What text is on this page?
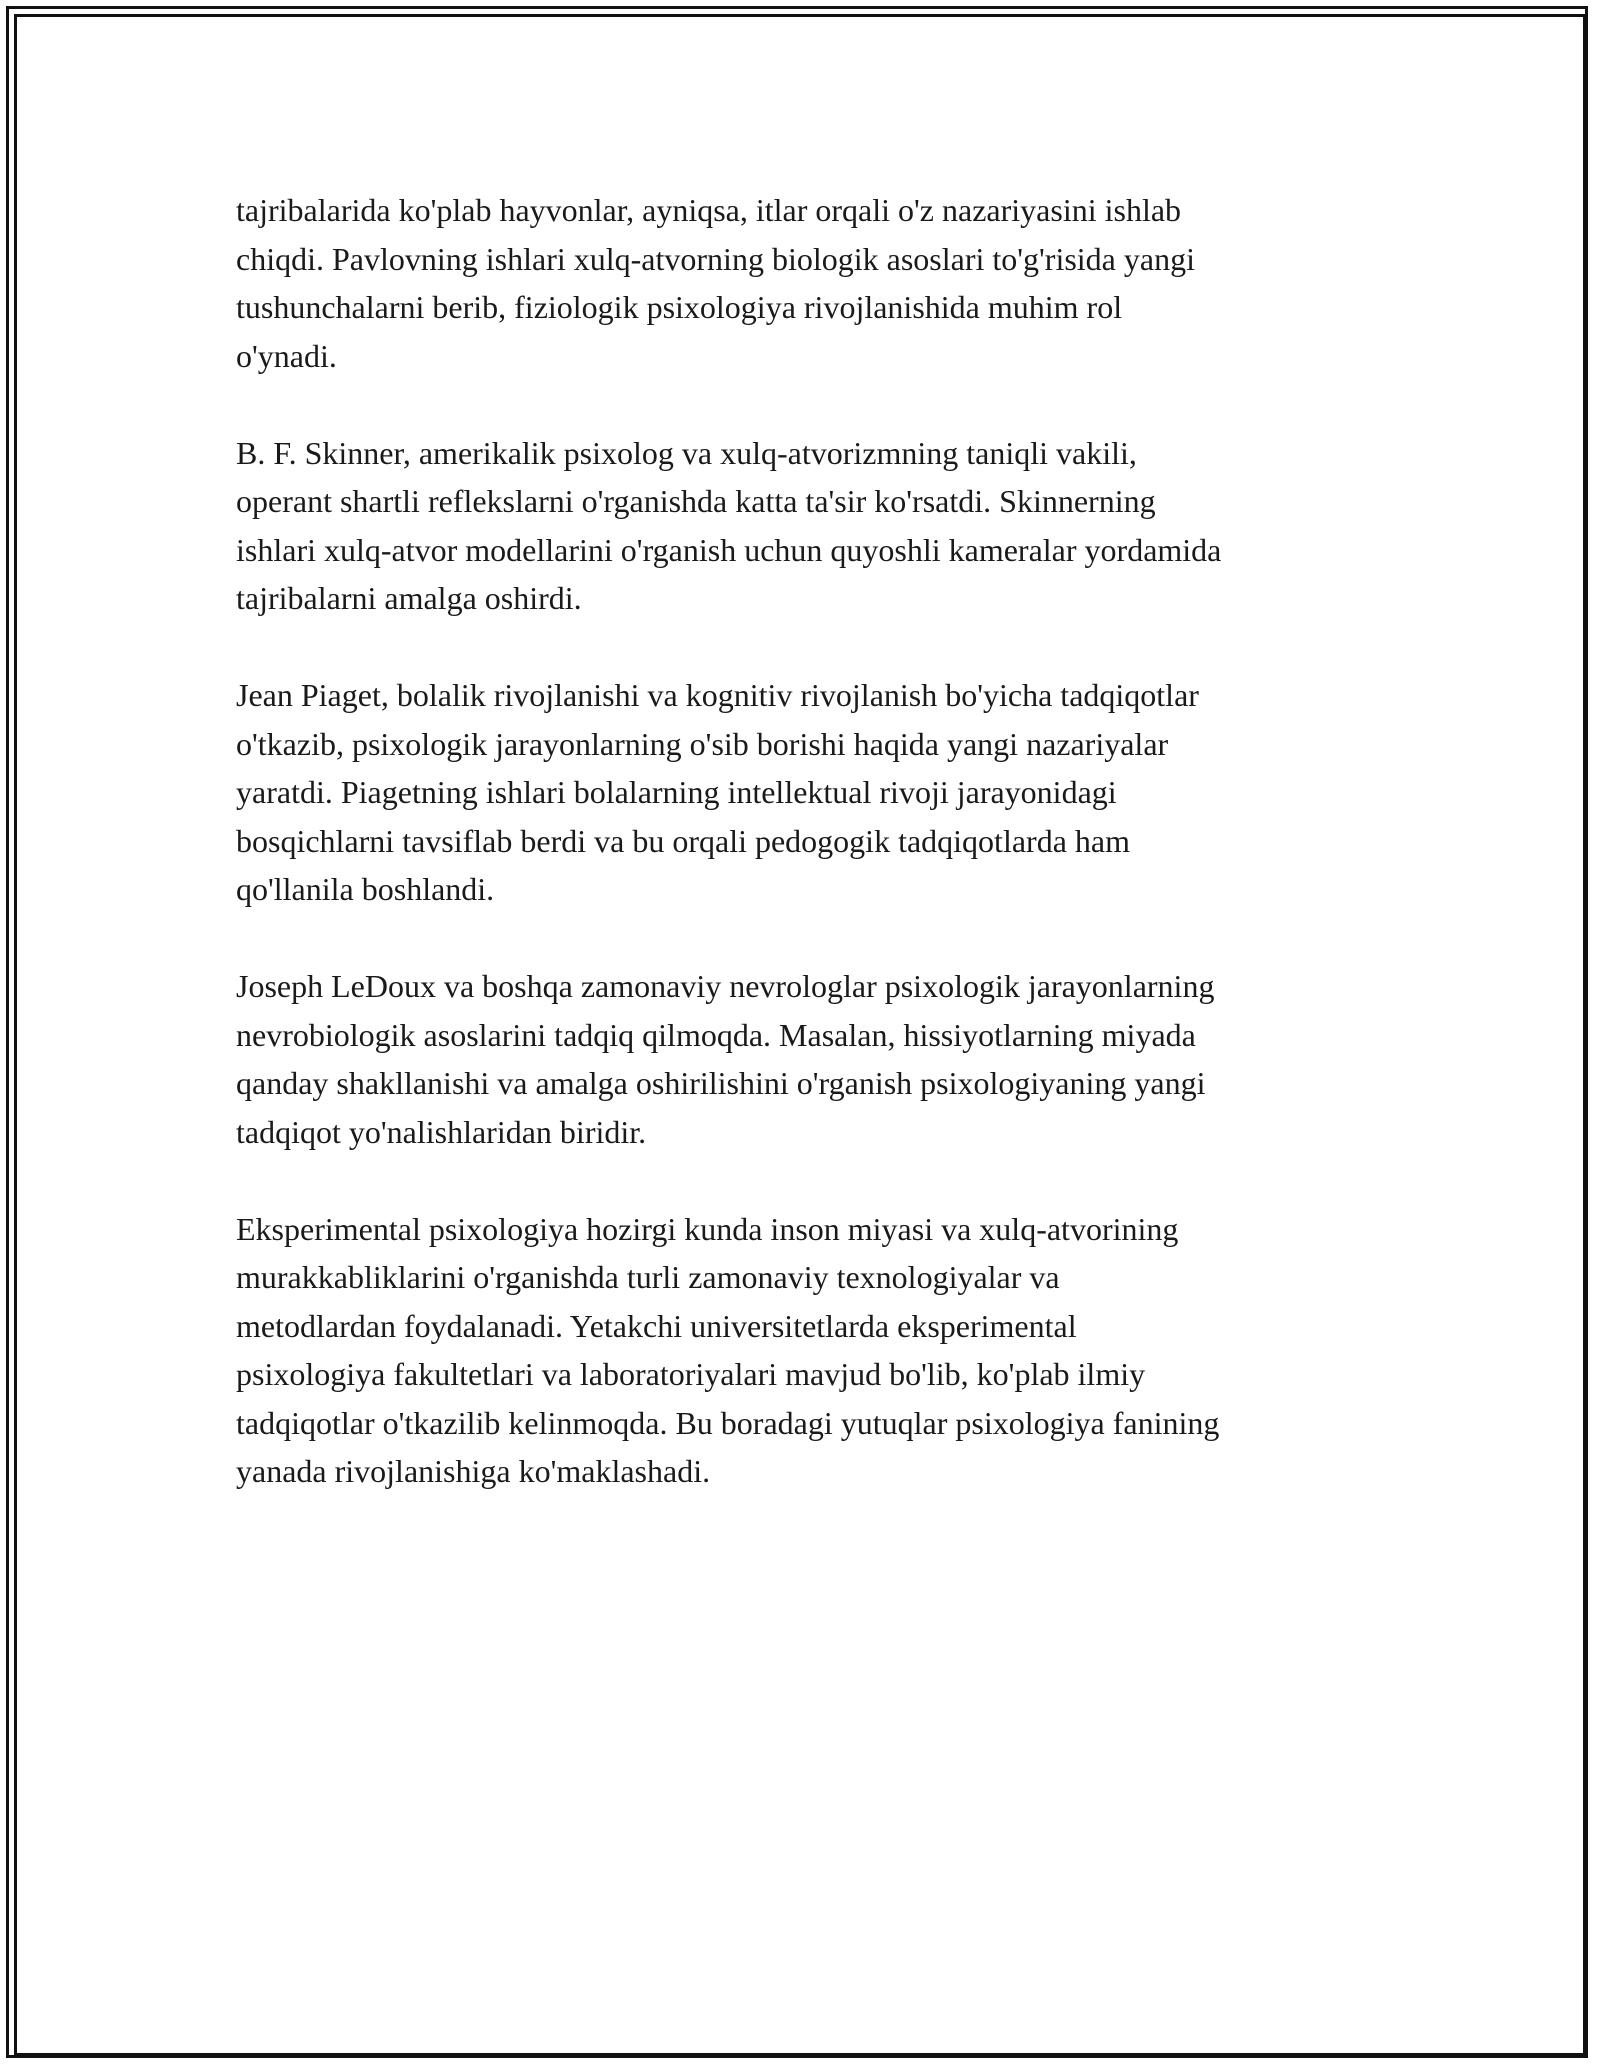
tajribalarida ko'plab hayvonlar, ayniqsa, itlar orqali o'z nazariyasini ishlab
chiqdi. Pavlovning ishlari xulq-atvorning biologik asoslari to'g'risida yangi
tushunchalarni berib, fiziologik psixologiya rivojlanishida muhim rol
o'ynadi.

B. F. Skinner, amerikalik psixolog va xulq-atvorizmning taniqli vakili,
operant shartli reflekslarni o'rganishda katta ta'sir ko'rsatdi. Skinnerning
ishlari xulq-atvor modellarini o'rganish uchun quyoshli kameralar yordamida
tajribalarni amalga oshirdi.

Jean Piaget, bolalik rivojlanishi va kognitiv rivojlanish bo'yicha tadqiqotlar
o'tkazib, psixologik jarayonlarning o'sib borishi haqida yangi nazariyalar
yaratdi. Piagetning ishlari bolalarning intellektual rivoji jarayonidagi
bosqichlarni tavsiflab berdi va bu orqali pedogogik tadqiqotlarda ham
qo'llanila boshlandi.

Joseph LeDoux va boshqa zamonaviy nevrologlar psixologik jarayonlarning
nevrobiologik asoslarini tadqiq qilmoqda. Masalan, hissiyotlarning miyada
qanday shakllanishi va amalga oshirilishini o'rganish psixologiyaning yangi
tadqiqot yo'nalishlaridan biridir.

Eksperimental psixologiya hozirgi kunda inson miyasi va xulq-atvorining
murakkabliklarini o'rganishda turli zamonaviy texnologiyalar va
metodlardan foydalanadi. Yetakchi universitetlarda eksperimental
psixologiya fakultetlari va laboratoriyalari mavjud bo'lib, ko'plab ilmiy
tadqiqotlar o'tkazilib kelinmoqda. Bu boradagi yutuqlar psixologiya fanining
yanada rivojlanishiga ko'maklashadi.
